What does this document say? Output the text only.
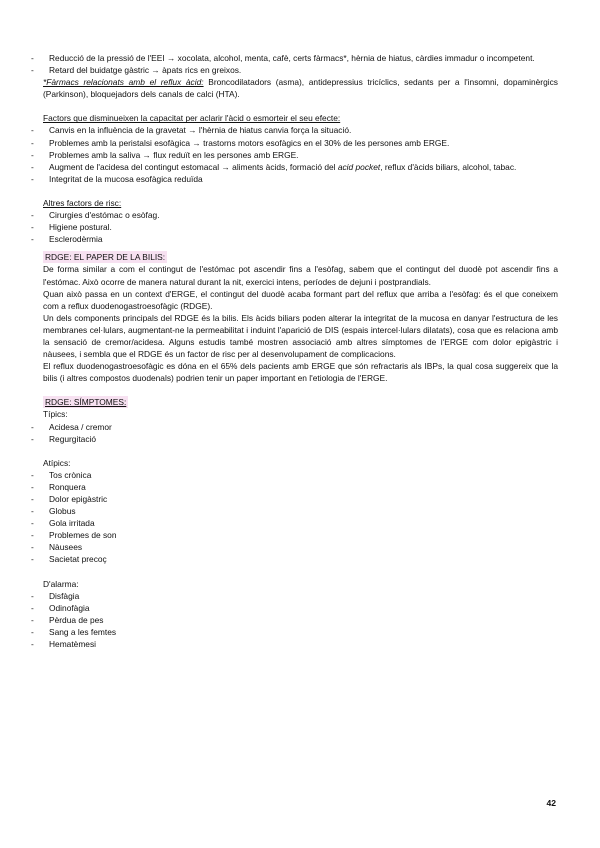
- Reducció de la pressió de l'EEI → xocolata, alcohol, menta, cafè, certs fàrmacs*, hèrnia de hiatus, càrdies immadur o incompetent.
- Retard del buidatge gàstric → àpats rics en greixos.
*Fàrmacs relacionats amb el reflux àcid: Broncodilatadors (asma), antidepressius tricíclics, sedants per a l'insomni, dopaminèrgics (Parkinson), bloquejadors dels canals de calci (HTA).
Factors que disminueixen la capacitat per aclarir l'àcid o esmorteir el seu efecte:
- Canvis en la influència de la gravetat → l'hèrnia de hiatus canvia força la situació.
- Problemes amb la peristalsi esofàgica → trastorns motors esofàgics en el 30% de les persones amb ERGE.
- Problemes amb la saliva → flux reduït en les persones amb ERGE.
- Augment de l'acidesa del contingut estomacal → aliments àcids, formació del acid pocket, reflux d'àcids biliars, alcohol, tabac.
- Integritat de la mucosa esofàgica reduïda
Altres factors de risc:
- Cirurgies d'estómac o esòfag.
- Higiene postural.
- Esclerodèrmia
RDGE: EL PAPER DE LA BILIS:
De forma similar a com el contingut de l'estómac pot ascendir fins a l'esòfag, sabem que el contingut del duodè pot ascendir fins a l'estómac. Això ocorre de manera natural durant la nit, exercici intens, períodes de dejuni i postprandials.
Quan això passa en un context d'ERGE, el contingut del duodè acaba formant part del reflux que arriba a l'esòfag: és el que coneixem com a reflux duodenogastroesofàgic (RDGE).
Un dels components principals del RDGE és la bilis. Els àcids biliars poden alterar la integritat de la mucosa en danyar l'estructura de les membranes cel·lulars, augmentant-ne la permeabilitat i induint l'aparició de DIS (espais intercel·lulars dilatats), cosa que es relaciona amb la sensació de cremor/acidesa. Alguns estudis també mostren associació amb altres símptomes de l'ERGE com dolor epigàstric i nàusees, i sembla que el RDGE és un factor de risc per al desenvolupament de complicacions.
El reflux duodenogastroesofàgic es dóna en el 65% dels pacients amb ERGE que són refractaris als IBPs, la qual cosa suggereix que la bilis (i altres compostos duodenals) podrien tenir un paper important en l'etiologia de l'ERGE.
RDGE: SÍMPTOMES:
Típics:
- Acidesa / cremor
- Regurgitació
Atípics:
- Tos crònica
- Ronquera
- Dolor epigàstric
- Globus
- Gola irritada
- Problemes de son
- Nàusees
- Sacietat precoç
D'alarma:
- Disfàgia
- Odinofàgia
- Pèrdua de pes
- Sang a les femtes
- Hematèmesi
42
